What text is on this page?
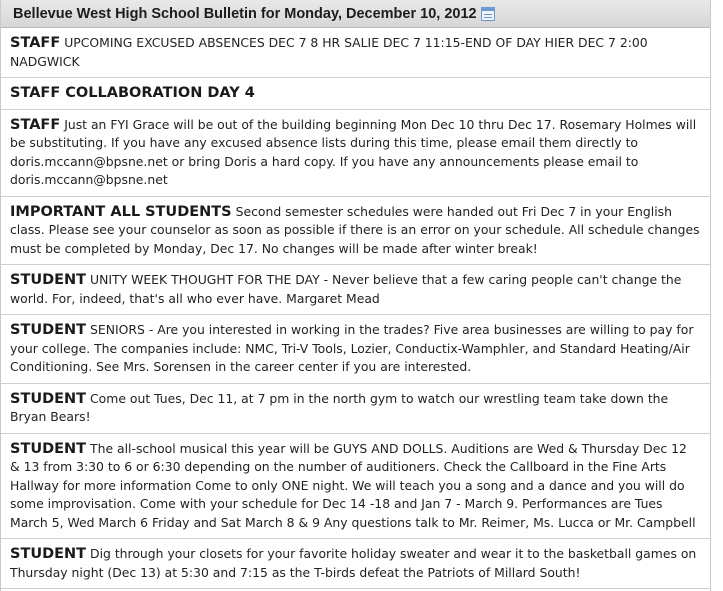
Bellevue West High School Bulletin for Monday, December 10, 2012
STAFF UPCOMING EXCUSED ABSENCES DEC 7 8 HR SALIE DEC 7 11:15-END OF DAY HIER DEC 7 2:00 NADGWICK
STAFF COLLABORATION DAY 4
STAFF Just an FYI Grace will be out of the building beginning Mon Dec 10 thru Dec 17. Rosemary Holmes will be substituting. If you have any excused absence lists during this time, please email them directly to doris.mccann@bpsne.net or bring Doris a hard copy. If you have any announcements please email to doris.mccann@bpsne.net
IMPORTANT ALL STUDENTS Second semester schedules were handed out Fri Dec 7 in your English class. Please see your counselor as soon as possible if there is an error on your schedule. All schedule changes must be completed by Monday, Dec 17. No changes will be made after winter break!
STUDENT UNITY WEEK THOUGHT FOR THE DAY - Never believe that a few caring people can't change the world. For, indeed, that's all who ever have. Margaret Mead
STUDENT SENIORS - Are you interested in working in the trades? Five area businesses are willing to pay for your college. The companies include: NMC, Tri-V Tools, Lozier, Conductix-Wamphler, and Standard Heating/Air Conditioning. See Mrs. Sorensen in the career center if you are interested.
STUDENT Come out Tues, Dec 11, at 7 pm in the north gym to watch our wrestling team take down the Bryan Bears!
STUDENT The all-school musical this year will be GUYS AND DOLLS. Auditions are Wed & Thursday Dec 12 & 13 from 3:30 to 6 or 6:30 depending on the number of auditioners. Check the Callboard in the Fine Arts Hallway for more information Come to only ONE night. We will teach you a song and a dance and you will do some improvisation. Come with your schedule for Dec 14 -18 and Jan 7 - March 9. Performances are Tues March 5, Wed March 6 Friday and Sat March 8 & 9 Any questions talk to Mr. Reimer, Ms. Lucca or Mr. Campbell
STUDENT Dig through your closets for your favorite holiday sweater and wear it to the basketball games on Thursday night (Dec 13) at 5:30 and 7:15 as the T-birds defeat the Patriots of Millard South!
